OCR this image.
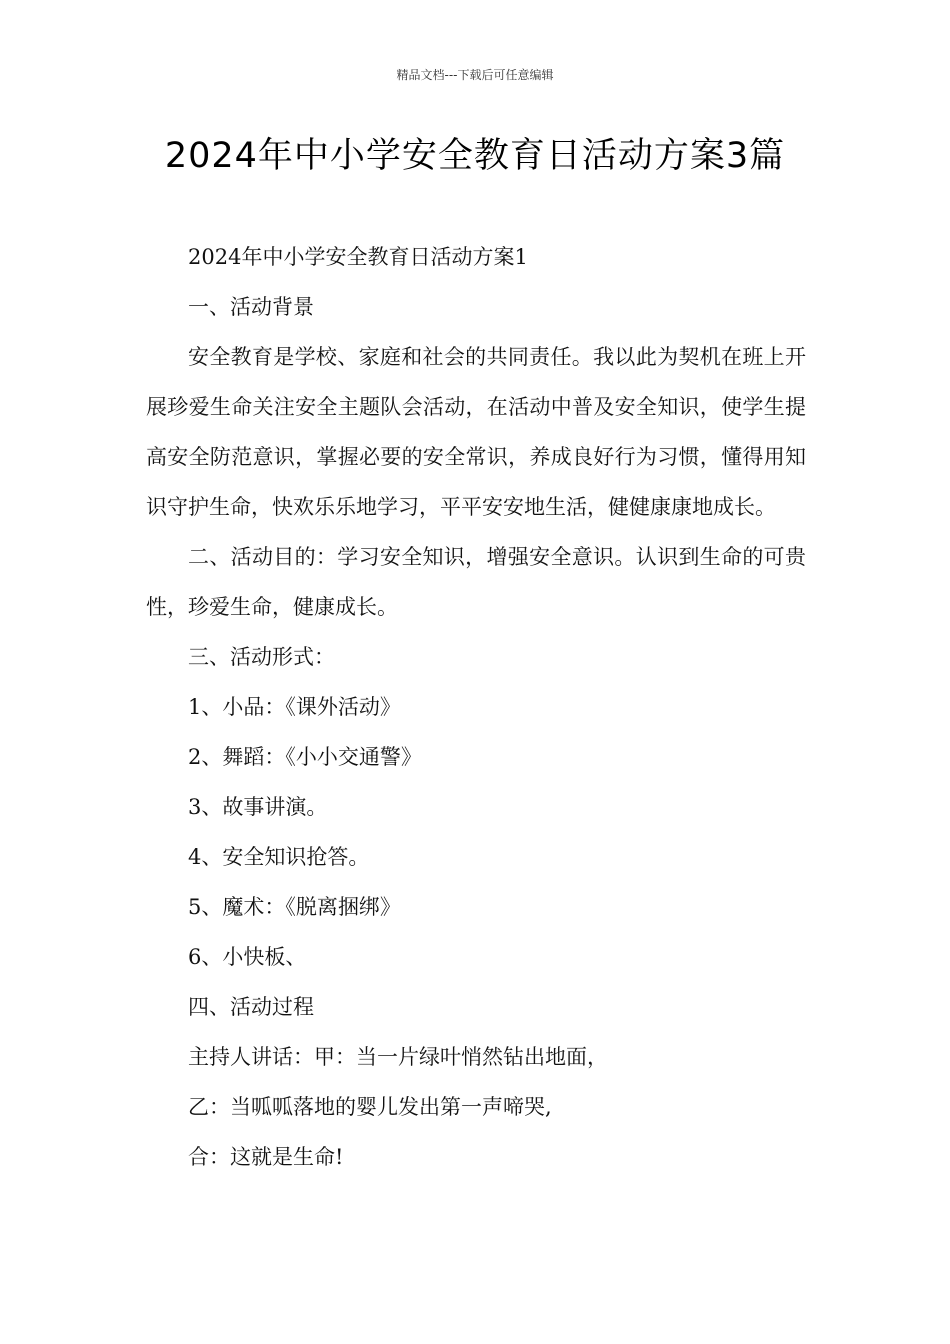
精品文档---下载后可任意编辑
2024年中小学安全教育日活动方案3篇

2024年中小学安全教育日活动方案1

一、活动背景

安全教育是学校、家庭和社会的共同责任。我以此为契机在班上开展珍爱生命关注安全主题队会活动，在活动中普及安全知识，使学生提高安全防范意识，掌握必要的安全常识，养成良好行为习惯，懂得用知识守护生命，快欢乐乐地学习，平平安安地生活，健健康康地成长。

二、活动目的：学习安全知识，增强安全意识。认识到生命的可贵性，珍爱生命，健康成长。

三、活动形式：

1、小品：《课外活动》

2、舞蹈：《小小交通警》

3、故事讲演。

4、安全知识抢答。

5、魔术：《脱离捆绑》

6、小快板、

四、活动过程

主持人讲话：甲：当一片绿叶悄然钻出地面，

乙：当呱呱落地的婴儿发出第一声啼哭,

合：这就是生命!
